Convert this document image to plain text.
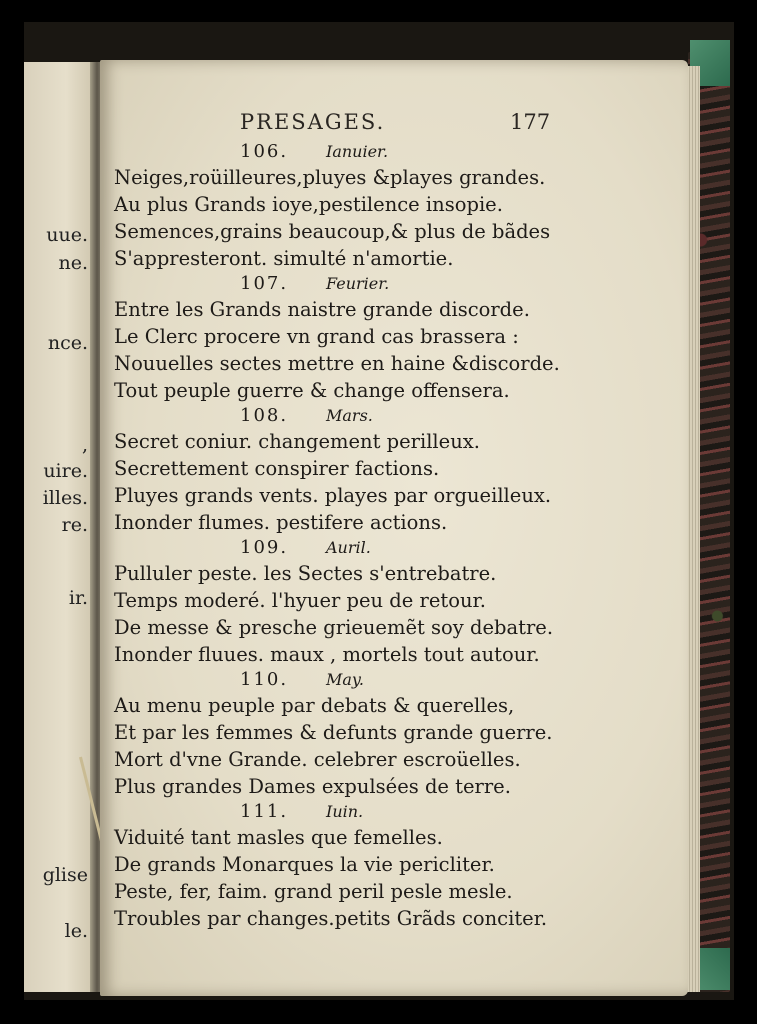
uue.
ne.
nce.
,
uire.
illes.
re.
ir.
glise
le.
PRESAGES.	177
106. Ianuier.
Neiges,roüilleures,pluyes &playes grandes.
Au plus Grands ioye,pestilence insopie.
Semences,grains beaucoup,& plus de bãdes
S'appresteront. simulté n'amortie.
107. Feurier.
Entre les Grands naistre grande discorde.
Le Clerc procere vn grand cas brassera :
Nouuelles sectes mettre en haine &discorde.
Tout peuple guerre & change offensera.
108. Mars.
Secret coniur. changement perilleux.
Secrettement conspirer factions.
Pluyes grands vents. playes par orgueilleux.
Inonder flumes. pestifere actions.
109. Auril.
Pulluler peste. les Sectes s'entrebatre.
Temps moderé. l'hyuer peu de retour.
De messe & presche grieuemẽt soy debatre.
Inonder fluues. maux , mortels tout autour.
110. May.
Au menu peuple par debats & querelles,
Et par les femmes & defunts grande guerre.
Mort d'vne Grande. celebrer escroüelles.
Plus grandes Dames expulsées de terre.
111. Iuin.
Viduité tant masles que femelles.
De grands Monarques la vie pericliter.
Peste, fer, faim. grand peril pesle mesle.
Troubles par changes.petits Grãds conciter.
